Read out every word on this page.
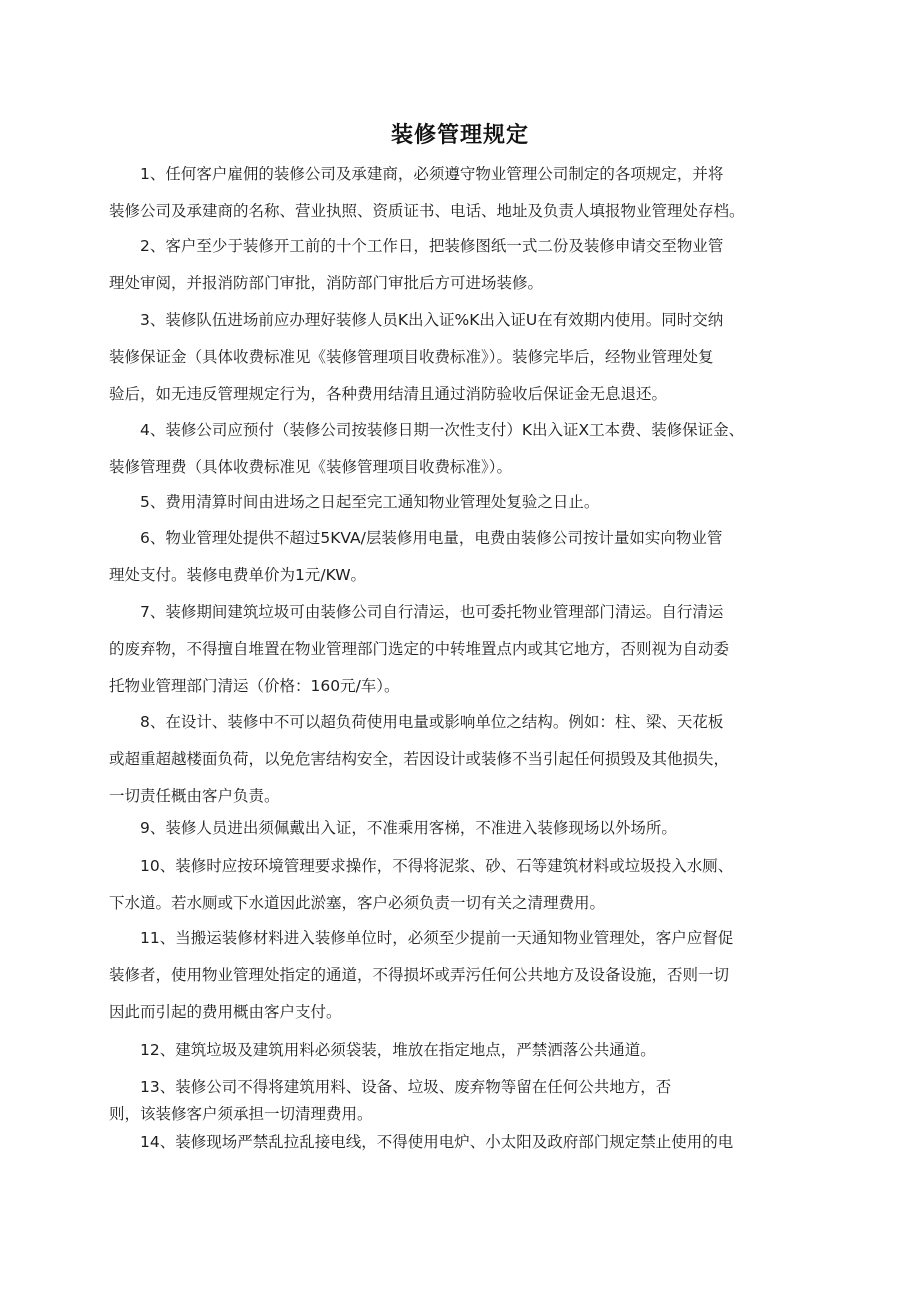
装修管理规定
1、任何客户雇佣的装修公司及承建商，必须遵守物业管理公司制定的各项规定，并将
装修公司及承建商的名称、营业执照、资质证书、电话、地址及负责人填报物业管理处存档。
2、客户至少于装修开工前的十个工作日，把装修图纸一式二份及装修申请交至物业管
理处审阅，并报消防部门审批，消防部门审批后方可进场装修。
3、装修队伍进场前应办理好装修人员K出入证%K出入证U在有效期内使用。同时交纳
装修保证金（具体收费标准见《装修管理项目收费标准》）。装修完毕后，经物业管理处复
验后，如无违反管理规定行为，各种费用结清且通过消防验收后保证金无息退还。
4、装修公司应预付（装修公司按装修日期一次性支付）K出入证X工本费、装修保证金、
装修管理费（具体收费标准见《装修管理项目收费标准》）。
5、费用清算时间由进场之日起至完工通知物业管理处复验之日止。
6、物业管理处提供不超过5KVA/层装修用电量，电费由装修公司按计量如实向物业管
理处支付。装修电费单价为1元/KW。
7、装修期间建筑垃圾可由装修公司自行清运，也可委托物业管理部门清运。自行清运
的废弃物，不得擅自堆置在物业管理部门选定的中转堆置点内或其它地方，否则视为自动委
托物业管理部门清运（价格：160元/车）。
8、在设计、装修中不可以超负荷使用电量或影响单位之结构。例如：柱、梁、天花板
或超重超越楼面负荷，以免危害结构安全，若因设计或装修不当引起任何损毁及其他损失，
一切责任概由客户负责。
9、装修人员进出须佩戴出入证，不准乘用客梯，不准进入装修现场以外场所。
10、装修时应按环境管理要求操作，不得将泥浆、砂、石等建筑材料或垃圾投入水厕、
下水道。若水厕或下水道因此淤塞，客户必须负责一切有关之清理费用。
11、当搬运装修材料进入装修单位时，必须至少提前一天通知物业管理处，客户应督促
装修者，使用物业管理处指定的通道，不得损坏或弄污任何公共地方及设备设施，否则一切
因此而引起的费用概由客户支付。
12、建筑垃圾及建筑用料必须袋装，堆放在指定地点，严禁洒落公共通道。
13、装修公司不得将建筑用料、设备、垃圾、废弃物等留在任何公共地方，否
则，该装修客户须承担一切清理费用。
14、装修现场严禁乱拉乱接电线，不得使用电炉、小太阳及政府部门规定禁止使用的电
